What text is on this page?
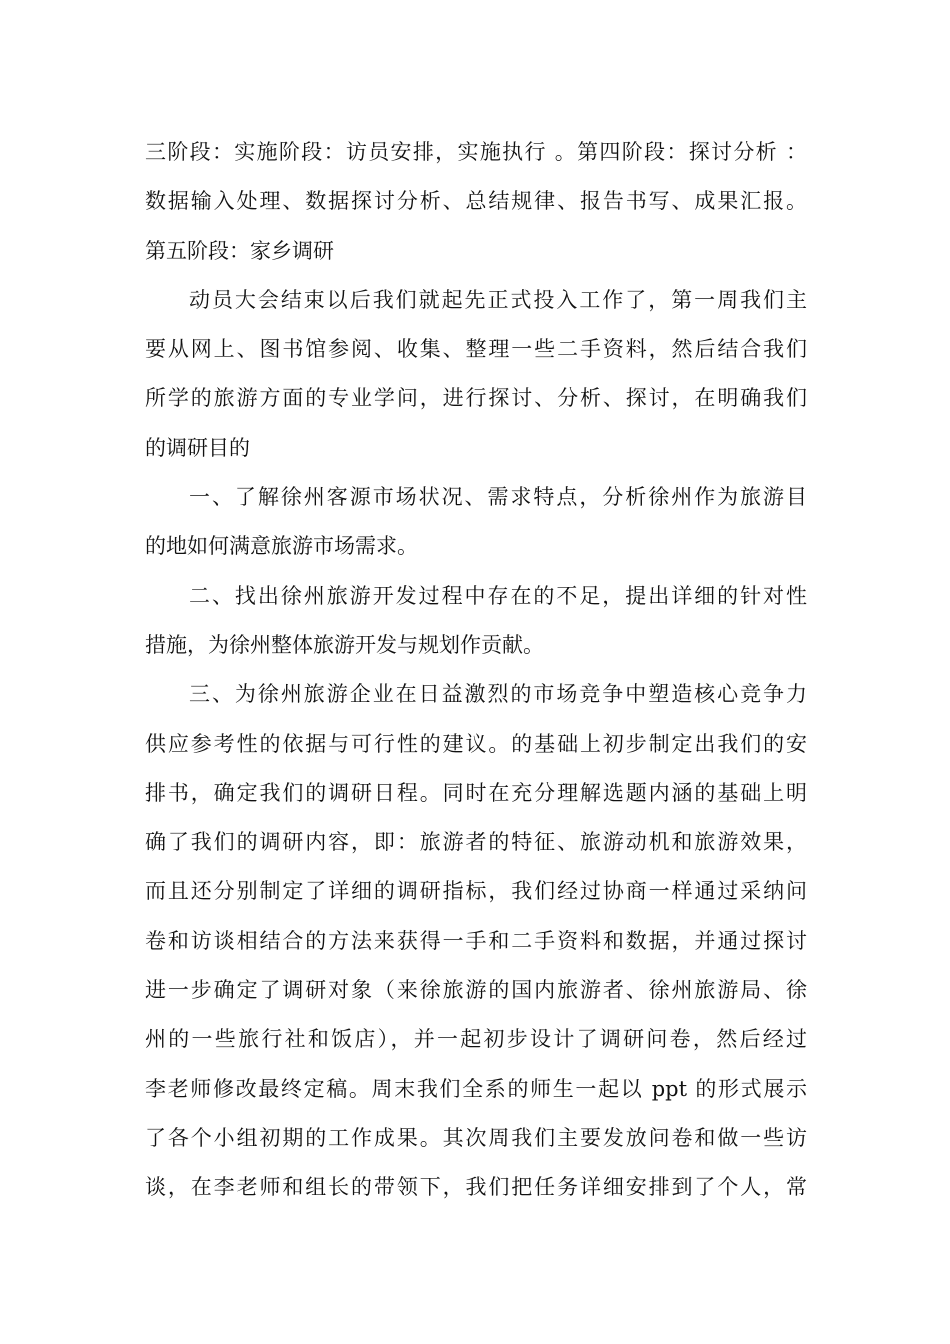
三阶段：实施阶段：访员安排，实施执行 。第四阶段：探讨分析 ：
数据输入处理、数据探讨分析、总结规律、报告书写、成果汇报。
第五阶段：家乡调研
动员大会结束以后我们就起先正式投入工作了，第一周我们主
要从网上、图书馆参阅、收集、整理一些二手资料，然后结合我们
所学的旅游方面的专业学问，进行探讨、分析、探讨，在明确我们
的调研目的
一、了解徐州客源市场状况、需求特点，分析徐州作为旅游目
的地如何满意旅游市场需求。
二、找出徐州旅游开发过程中存在的不足，提出详细的针对性
措施，为徐州整体旅游开发与规划作贡献。
三、为徐州旅游企业在日益激烈的市场竞争中塑造核心竞争力
供应参考性的依据与可行性的建议。的基础上初步制定出我们的安
排书，确定我们的调研日程。同时在充分理解选题内涵的基础上明
确了我们的调研内容，即：旅游者的特征、旅游动机和旅游效果，
而且还分别制定了详细的调研指标，我们经过协商一样通过采纳问
卷和访谈相结合的方法来获得一手和二手资料和数据，并通过探讨
进一步确定了调研对象（来徐旅游的国内旅游者、徐州旅游局、徐
州的一些旅行社和饭店），并一起初步设计了调研问卷，然后经过
李老师修改最终定稿。周末我们全系的师生一起以 ppt 的形式展示
了各个小组初期的工作成果。其次周我们主要发放问卷和做一些访
谈，在李老师和组长的带领下，我们把任务详细安排到了个人，常
